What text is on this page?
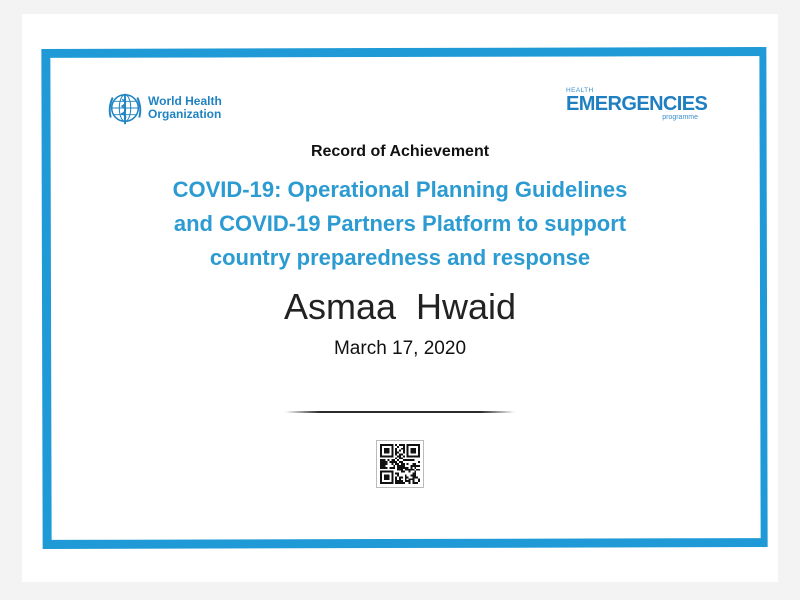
World Health
Organization
HEALTH
EMERGENCIES
programme
Record of Achievement
COVID-19: Operational Planning Guidelines
and COVID-19 Partners Platform to support
country preparedness and response
Asmaa  Hwaid
March 17, 2020
